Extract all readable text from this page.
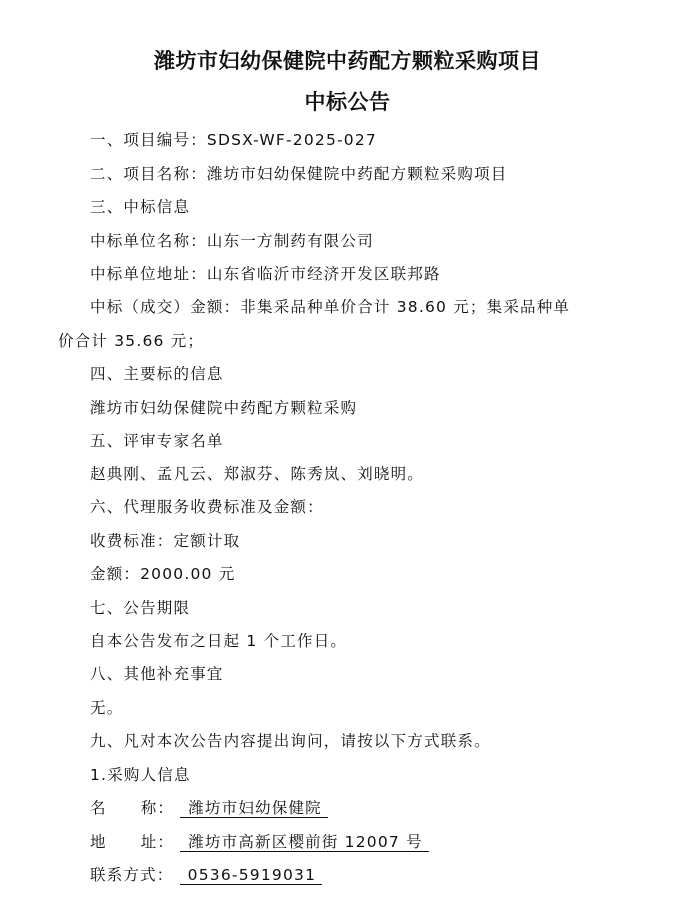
潍坊市妇幼保健院中药配方颗粒采购项目
中标公告
一、项目编号：SDSX-WF-2025-027
二、项目名称：潍坊市妇幼保健院中药配方颗粒采购项目
三、中标信息
中标单位名称：山东一方制药有限公司
中标单位地址：山东省临沂市经济开发区联邦路
中标（成交）金额：非集采品种单价合计 38.60 元；集采品种单
价合计 35.66 元；
四、主要标的信息
潍坊市妇幼保健院中药配方颗粒采购
五、评审专家名单
赵典刚、孟凡云、郑淑芬、陈秀岚、刘晓明。
六、代理服务收费标准及金额：
收费标准：定额计取
金额：2000.00 元
七、公告期限
自本公告发布之日起 1 个工作日。
八、其他补充事宜
无。
九、凡对本次公告内容提出询问，请按以下方式联系。
1.采购人信息
名 称： 潍坊市妇幼保健院
地 址： 潍坊市高新区樱前街 12007 号
联系方式： 0536-5919031
